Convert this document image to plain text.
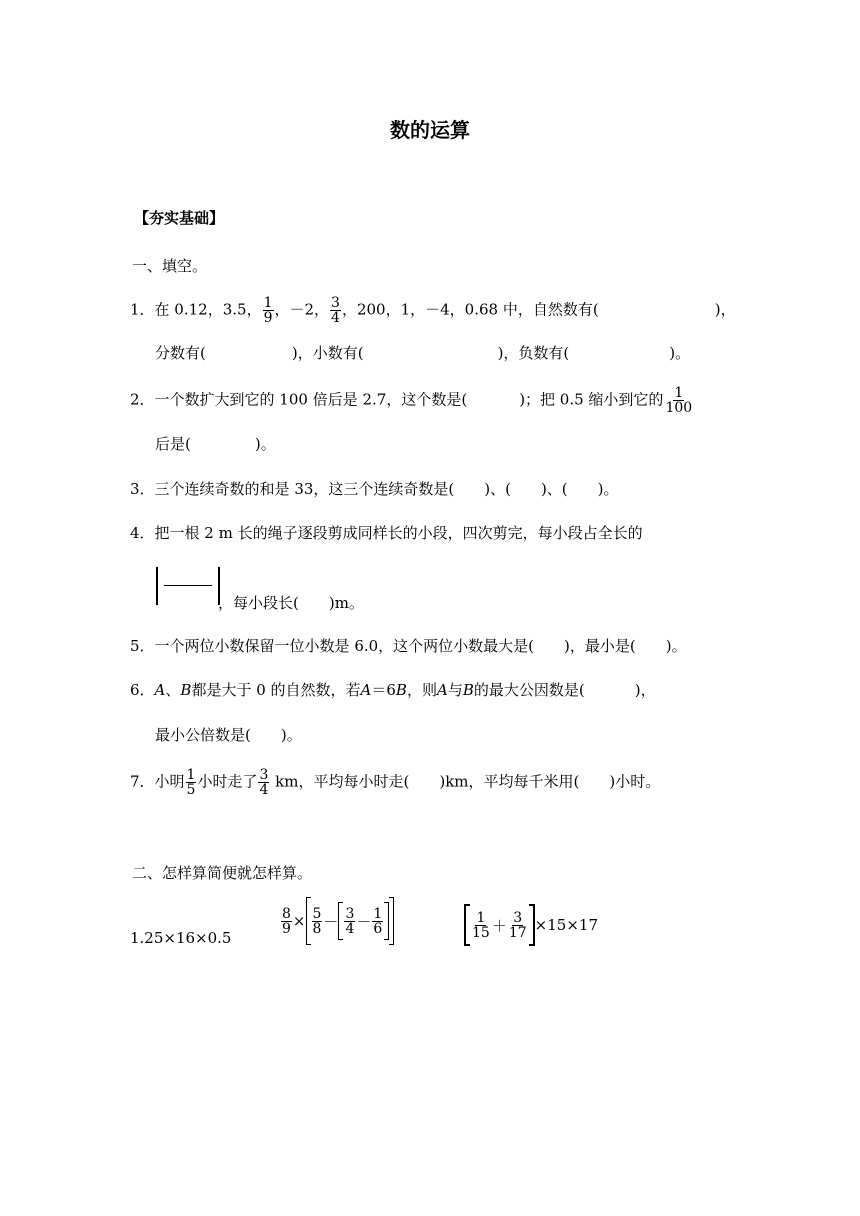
数的运算
【夯实基础】
一、填空。
1．在 0.12，3.5， $\frac{1}{9}$ ，－2， $\frac{3}{4}$ ，200，1，－4，0.68 中，自然数有(	)，
分数有(	)，小数有(	)，负数有(	)。
2．一个数扩大到它的 100 倍后是 2.7，这个数是(	)；把 0.5 缩小到它的 $\frac{1}{100}$
后是(	)。
3．三个连续奇数的和是 33，这三个连续奇数是(　　)、(　　)、(　　)。
4．把一根 2 m 长的绳子逐段剪成同样长的小段，四次剪完，每小段占全长的
，每小段长( )m。
5．一个两位小数保留一位小数是 6.0，这个两位小数最大是(　　)，最小是(　　)。
6．A、B都是大于 0 的自然数，若A＝6B，则A与B的最大公因数是(	)，
最小公倍数是(　　)。
7．小明 $\frac{1}{5}$ 小时走了 $\frac{3}{4}$ km，平均每小时走(　　)km，平均每千米用(　　)小时。
二、怎样算简便就怎样算。
1.25×16×0.5
$\frac{8}{9} \times 5$
8 － 3
4 － 1
6
1
15 ＋ 3
17 ×15×17
